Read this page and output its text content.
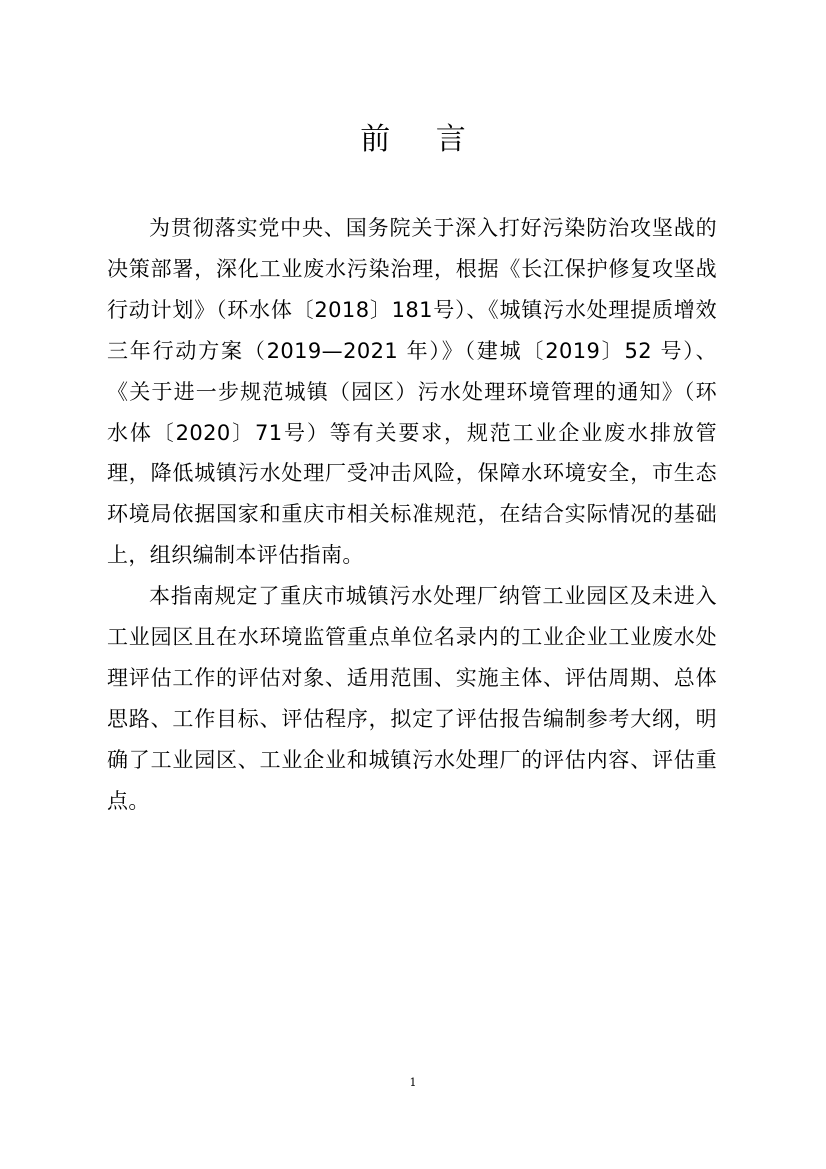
前 言

为贯彻落实党中央、国务院关于深入打好污染防治攻坚战的决策部署，深化工业废水污染治理，根据《长江保护修复攻坚战行动计划》（环水体〔2018〕181号）、《城镇污水处理提质增效三年行动方案（2019—2021 年）》（建城〔2019〕52 号）、《关于进一步规范城镇（园区）污水处理环境管理的通知》（环水体〔2020〕71号）等有关要求，规范工业企业废水排放管理，降低城镇污水处理厂受冲击风险，保障水环境安全，市生态环境局依据国家和重庆市相关标准规范，在结合实际情况的基础上，组织编制本评估指南。

本指南规定了重庆市城镇污水处理厂纳管工业园区及未进入工业园区且在水环境监管重点单位名录内的工业企业工业废水处理评估工作的评估对象、适用范围、实施主体、评估周期、总体思路、工作目标、评估程序，拟定了评估报告编制参考大纲，明确了工业园区、工业企业和城镇污水处理厂的评估内容、评估重点。

1
